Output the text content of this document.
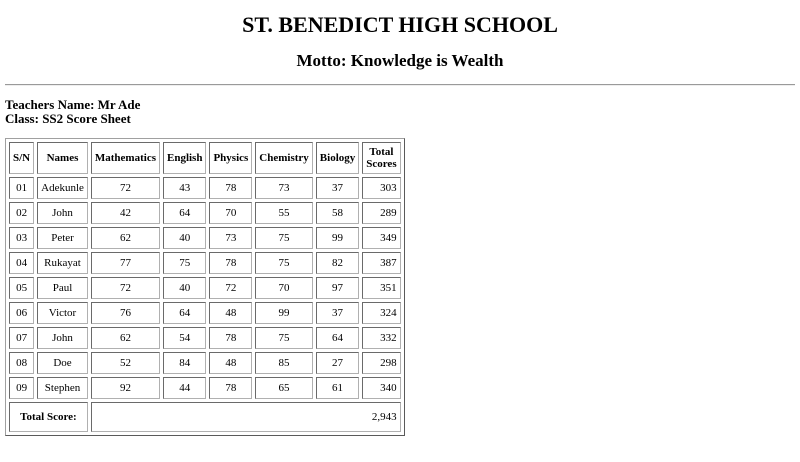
ST. BENEDICT HIGH SCHOOL
Motto: Knowledge is Wealth
Teachers Name: Mr Ade
Class: SS2 Score Sheet
S/N	Names	Mathematics	English	Physics	Chemistry	Biology	Total
Scores
01	Adekunle	72	43	78	73	37	303
02	John	42	64	70	55	58	289
03	Peter	62	40	73	75	99	349
04	Rukayat	77	75	78	75	82	387
05	Paul	72	40	72	70	97	351
06	Victor	76	64	48	99	37	324
07	John	62	54	78	75	64	332
08	Doe	52	84	48	85	27	298
09	Stephen	92	44	78	65	61	340
Total Score:		2,943					
